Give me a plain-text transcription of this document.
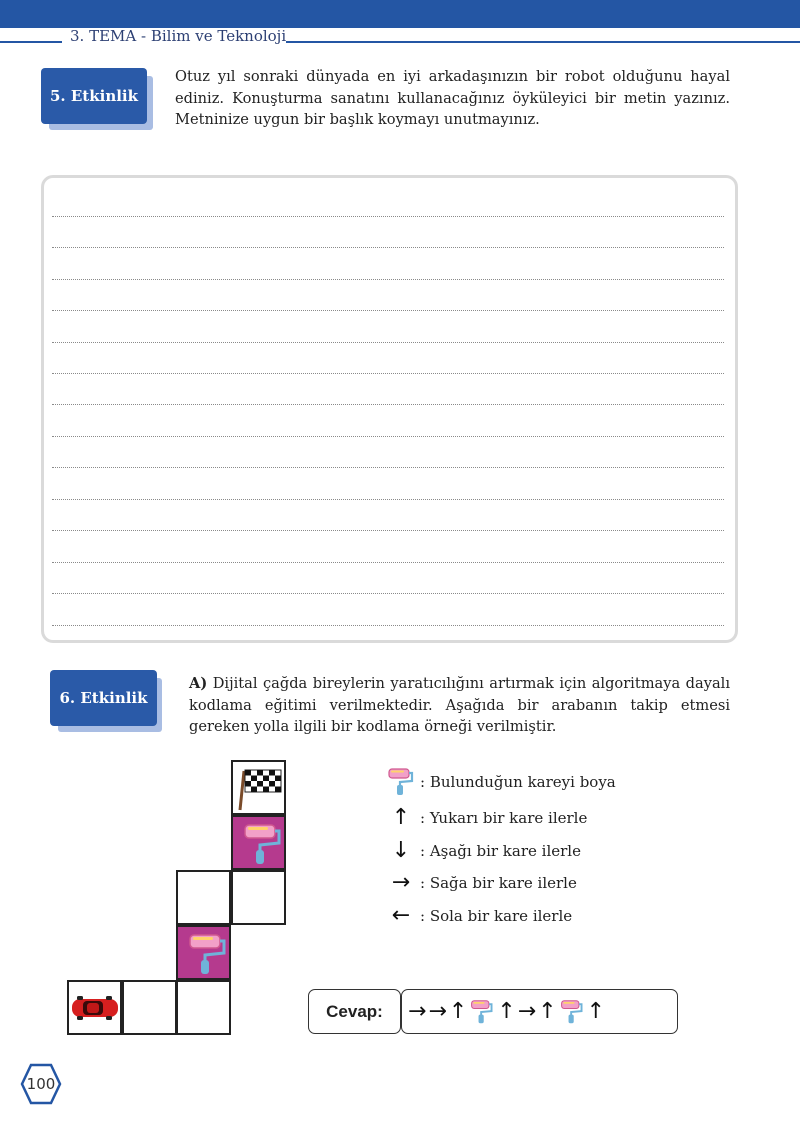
3. TEMA - Bilim ve Teknoloji
5. Etkinlik
Otuz yıl sonraki dünyada en iyi arkadaşınızın bir robot olduğunu hayal ediniz. Konuşturma sanatını kullanacağınız öyküleyici bir metin yazınız. Metninize uygun bir başlık koymayı unutmayınız.
6. Etkinlik
A) Dijital çağda bireylerin yaratıcılığını artırmak için algoritmaya dayalı kodlama eğitimi verilmektedir. Aşağıda bir arabanın takip etmesi gereken yolla ilgili bir kodlama örneği verilmiştir.
: Bulunduğun kareyi boya
↑ : Yukarı bir kare ilerle
↓ : Aşağı bir kare ilerle
→ : Sağa bir kare ilerle
← : Sola bir kare ilerle
Cevap:	→ → ↑ ↑ → ↑ ↑
100
